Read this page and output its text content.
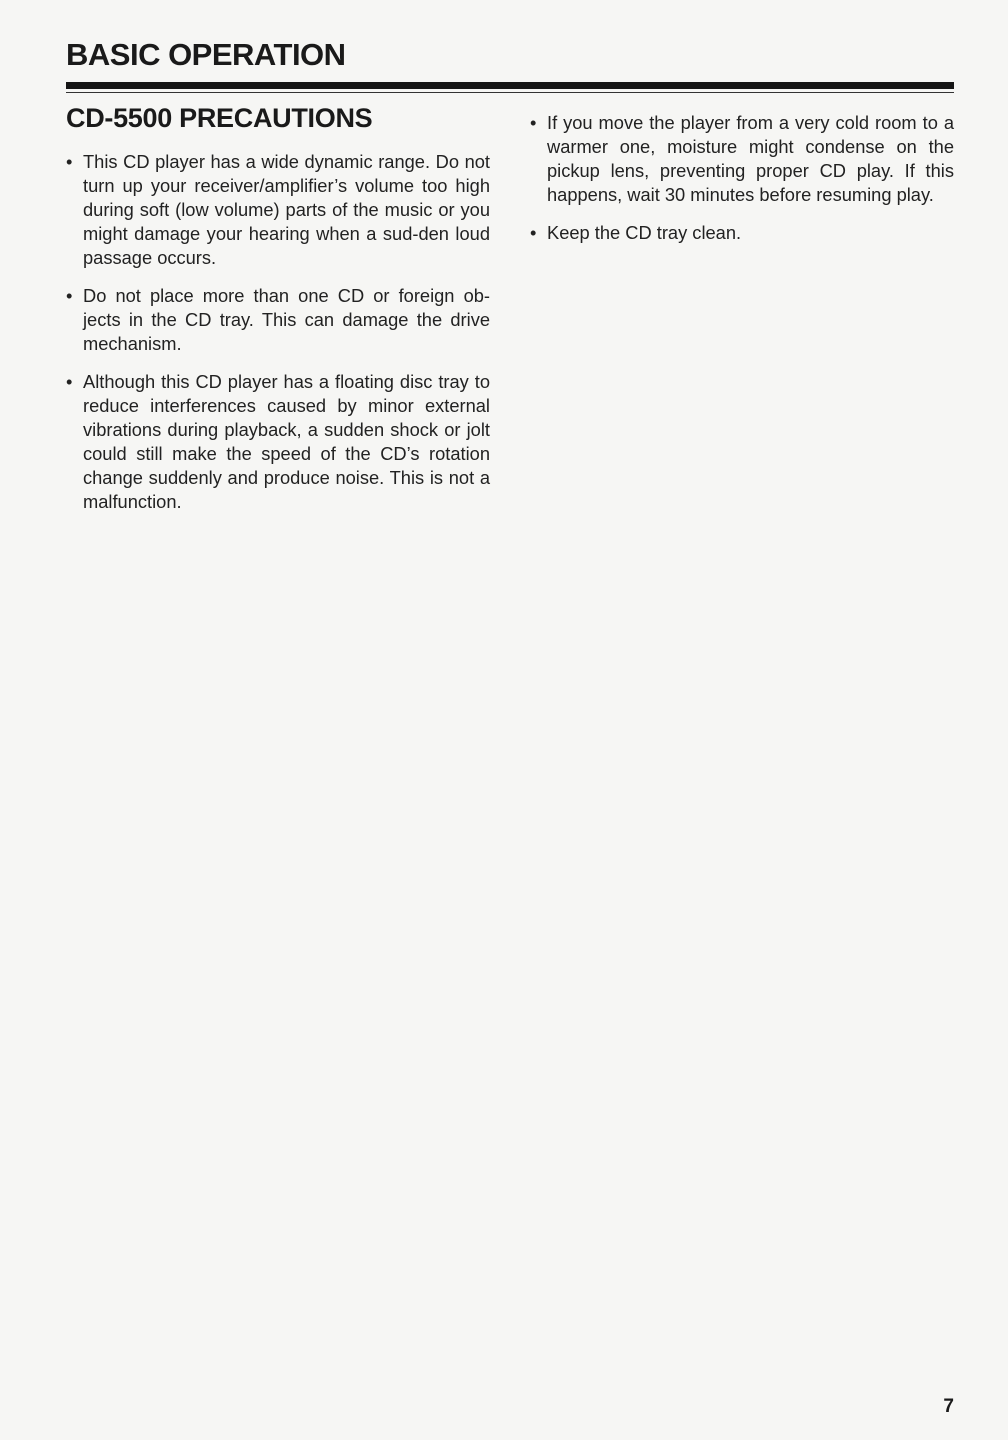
BASIC OPERATION
CD-5500 PRECAUTIONS
• This CD player has a wide dynamic range. Do not turn up your receiver/amplifier’s volume too high during soft (low volume) parts of the music or you might damage your hearing when a sud-den loud passage occurs.
• Do not place more than one CD or foreign ob-jects in the CD tray. This can damage the drive mechanism.
• Although this CD player has a floating disc tray to reduce interferences caused by minor external vibrations during playback, a sudden shock or jolt could still make the speed of the CD’s rotation change suddenly and produce noise. This is not a malfunction.
• If you move the player from a very cold room to a warmer one, moisture might condense on the pickup lens, preventing proper CD play. If this happens, wait 30 minutes before resuming play.
• Keep the CD tray clean.
7
